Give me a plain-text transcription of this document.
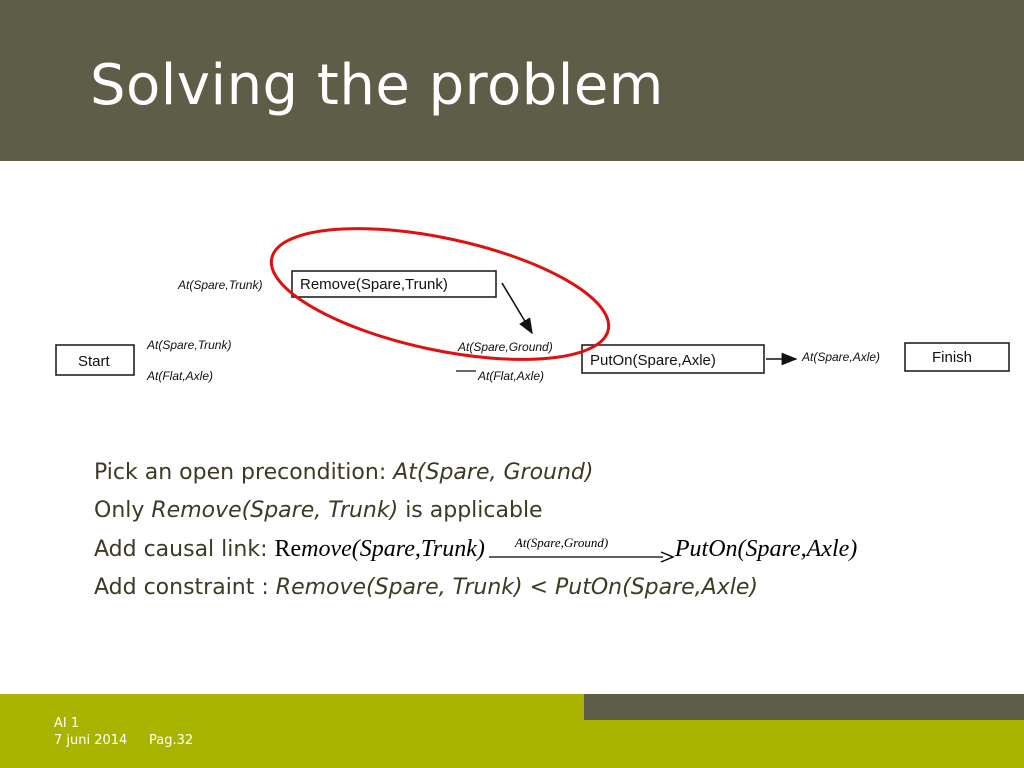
Solving the problem
Start
At(Spare,Trunk)
At(Flat,Axle)
At(Spare,Trunk)	Remove(Spare,Trunk)
At(Spare,Ground)
At(Flat,Axle)
PutOn(Spare,Axle)	At(Spare,Axle)	Finish
Pick an open precondition: At(Spare, Ground)
Only Remove(Spare, Trunk) is applicable
Add causal link: Remove(Spare,Trunk) At(Spare,Ground)	PutOn(Spare,Axle)
Add constraint : Remove(Spare, Trunk) < PutOn(Spare,Axle)
AI 1
7 juni 2014 Pag.32
